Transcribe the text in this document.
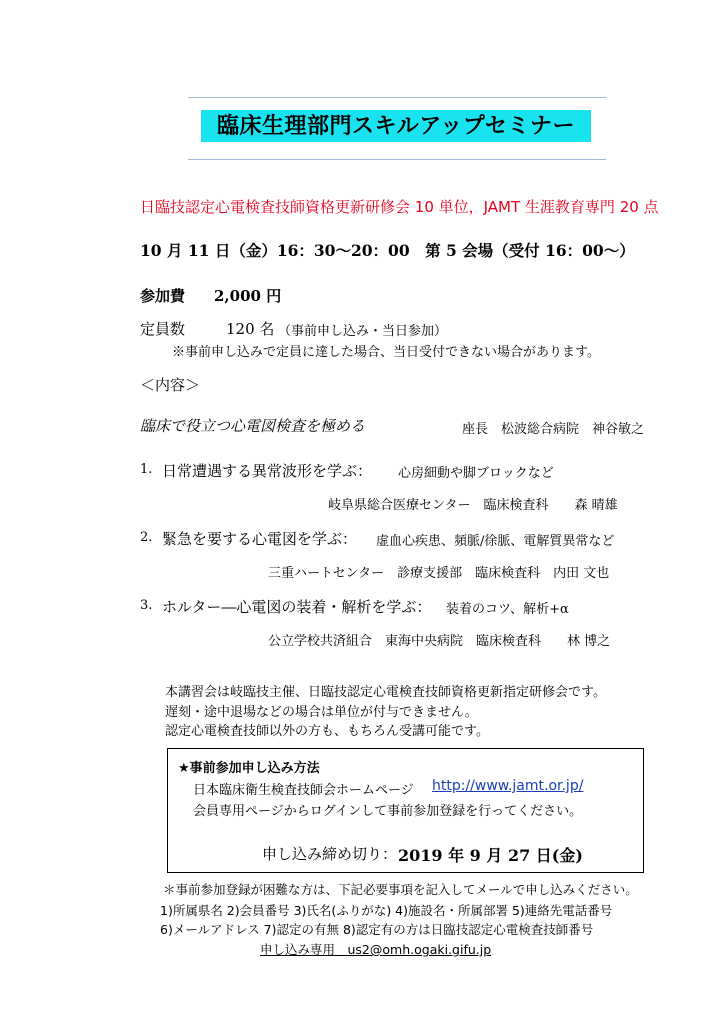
臨床生理部門スキルアップセミナー
日臨技認定心電検査技師資格更新研修会 10 単位，JAMT 生涯教育専門 20 点
10 月 11 日（金）16：30〜20：00　第 5 会場（受付 16：00〜）
参加費 2,000 円
定員数	120 名 （事前申し込み・当日参加）
※事前申し込みで定員に達した場合、当日受付できない場合があります。
＜内容＞
臨床で役立つ心電図検査を極める	座長　松波総合病院　神谷敏之
1. 日常遭遇する異常波形を学ぶ： 心房細動や脚ブロックなど
岐阜県総合医療センター　臨床検査科　　森 晴雄
2. 緊急を要する心電図を学ぶ： 虚血心疾患、頻脈/徐脈、電解質異常など
三重ハートセンター　診療支援部　臨床検査科　内田 文也
3. ホルター―心電図の装着・解析を学ぶ： 装着のコツ、解析+α
公立学校共済組合　東海中央病院　臨床検査科　　林 博之
本講習会は岐臨技主催、日臨技認定心電検査技師資格更新指定研修会です。
遅刻・途中退場などの場合は単位が付与できません。
認定心電検査技師以外の方も、もちろん受講可能です。
★事前参加申し込み方法
日本臨床衛生検査技師会ホームページ http://www.jamt.or.jp/
会員専用ページからログインして事前参加登録を行ってください。
申し込み締め切り： 2019 年 9 月 27 日(金)
＊事前参加登録が困難な方は、下記必要事項を記入してメールで申し込みください。
1)所属県名 2)会員番号 3)氏名(ふりがな) 4)施設名・所属部署 5)連絡先電話番号
6)メールアドレス 7)認定の有無 8)認定有の方は日臨技認定心電検査技師番号
申し込み専用　us2@omh.ogaki.gifu.jp
